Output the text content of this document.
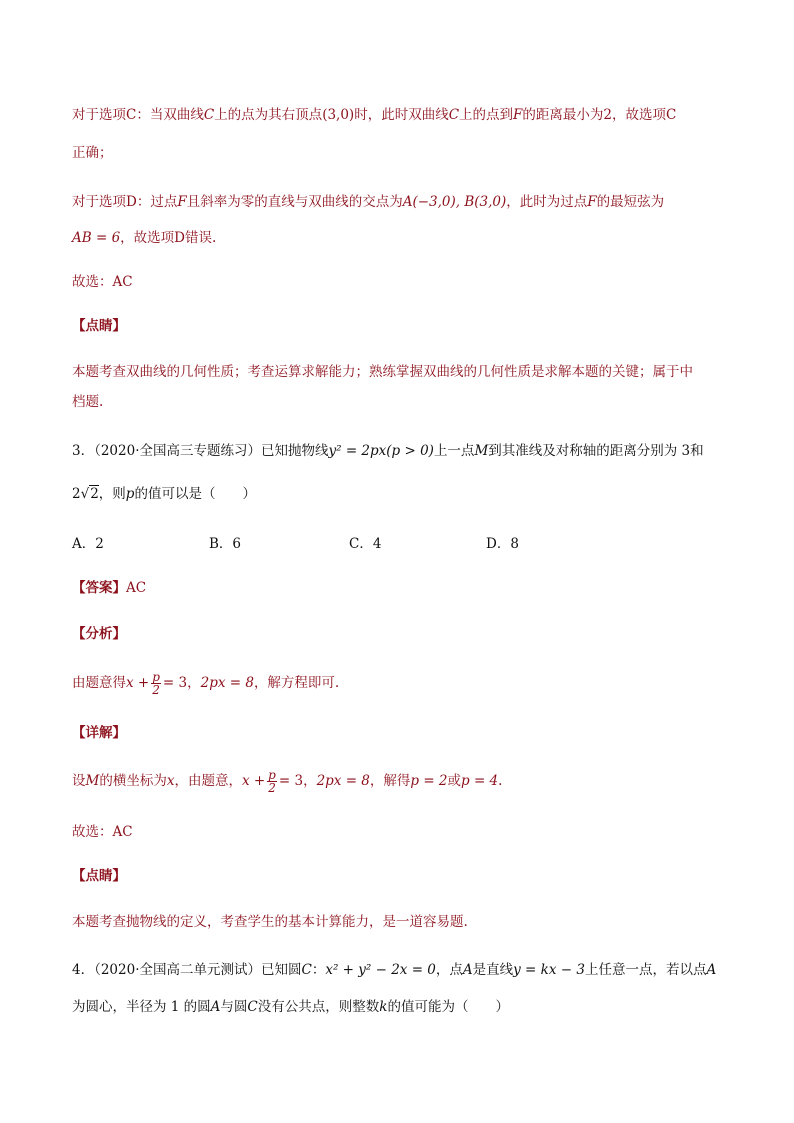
对于选项C：当双曲线C上的点为其右顶点(3,0)时，此时双曲线C上的点到F的距离最小为2，故选项C
正确；
对于选项D：过点F且斜率为零的直线与双曲线的交点为A(−3,0), B(3,0)，此时为过点F的最短弦为
AB = 6，故选项D错误.
故选：AC
【点睛】
本题考查双曲线的几何性质；考查运算求解能力；熟练掌握双曲线的几何性质是求解本题的关键；属于中
档题.
3．（2020·全国高三专题练习）已知抛物线y² = 2px(p > 0)上一点M到其准线及对称轴的距离分别为 3和
2√2，则p的值可以是（　　）
A．2	B．6	C．4	D．8
【答案】AC
【分析】
由题意得$x + \frac{p}{2} = 3$，2px = 8，解方程即可.
【详解】
设M的横坐标为x，由题意，$x + \frac{p}{2} = 3$，2px = 8，解得p = 2或p = 4.
故选：AC
【点睛】
本题考查抛物线的定义，考查学生的基本计算能力，是一道容易题.
4．（2020·全国高二单元测试）已知圆C：x² + y² − 2x = 0，点A是直线y = kx − 3上任意一点，若以点A
为圆心，半径为 1 的圆A与圆C没有公共点，则整数k的值可能为（　　）
